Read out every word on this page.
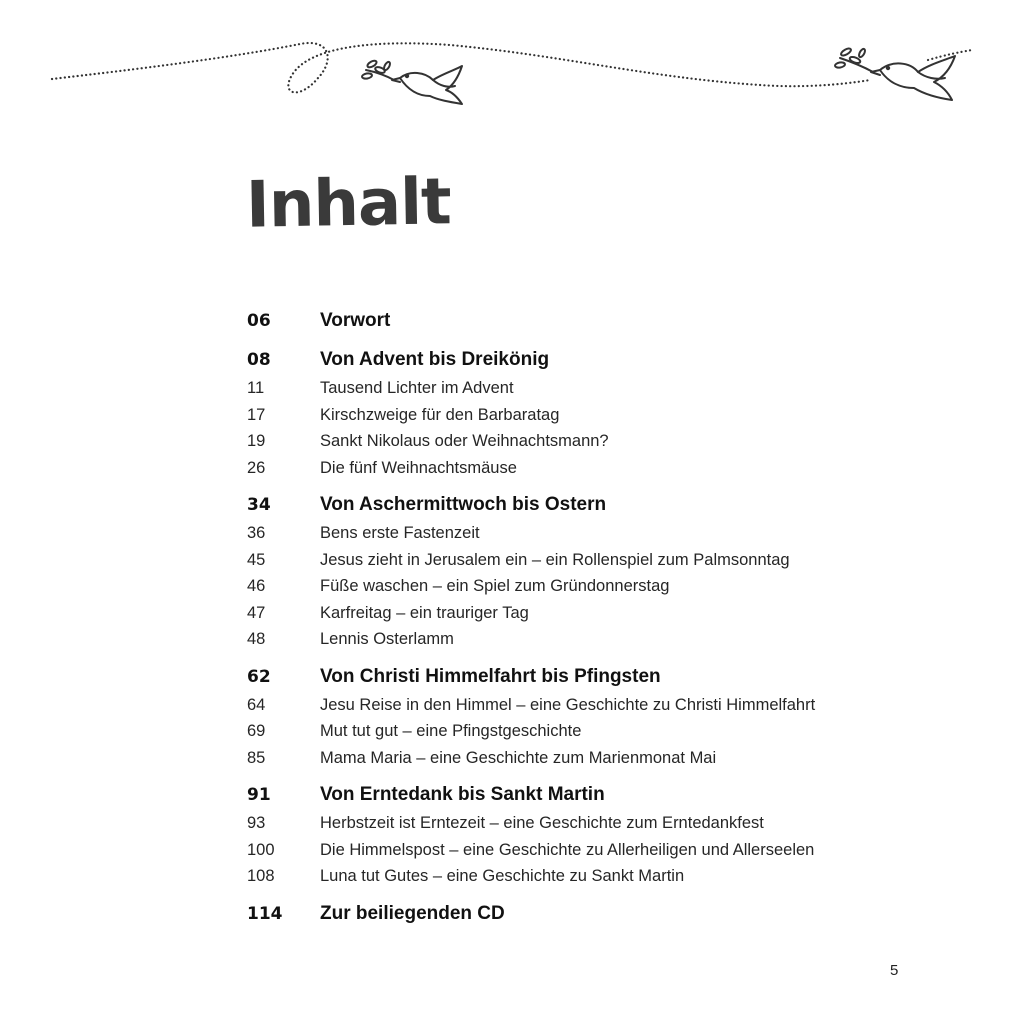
Inhalt
06	Vorwort
08	Von Advent bis Dreikönig
11	Tausend Lichter im Advent
17	Kirschzweige für den Barbaratag
19	Sankt Nikolaus oder Weihnachtsmann?
26	Die fünf Weihnachtsmäuse
34	Von Aschermittwoch bis Ostern
36	Bens erste Fastenzeit
45	Jesus zieht in Jerusalem ein – ein Rollenspiel zum Palmsonntag
46	Füße waschen – ein Spiel zum Gründonnerstag
47	Karfreitag – ein trauriger Tag
48	Lennis Osterlamm
62	Von Christi Himmelfahrt bis Pfingsten
64	Jesu Reise in den Himmel – eine Geschichte zu Christi Himmelfahrt
69	Mut tut gut – eine Pfingstgeschichte
85	Mama Maria – eine Geschichte zum Marienmonat Mai
91	Von Erntedank bis Sankt Martin
93	Herbstzeit ist Erntezeit – eine Geschichte zum Erntedankfest
100	Die Himmelspost – eine Geschichte zu Allerheiligen und Allerseelen
108	Luna tut Gutes – eine Geschichte zu Sankt Martin
114	Zur beiliegenden CD
5
